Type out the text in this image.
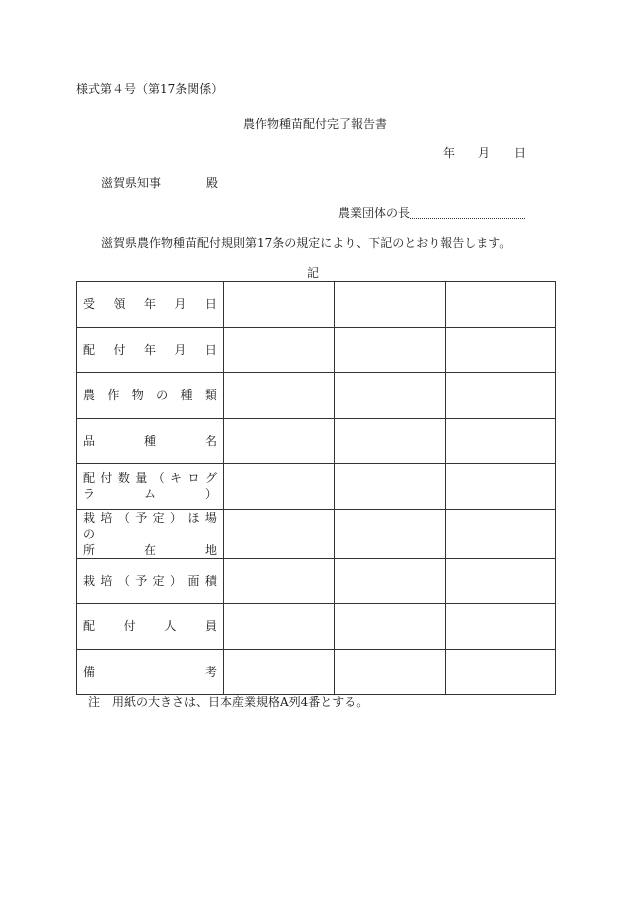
様式第４号（第17条関係）
農作物種苗配付完了報告書
年 月 日
滋賀県知事	殿
農業団体の長
滋賀県農作物種苗配付規則第17条の規定により、下記のとおり報告します。
記
受 領 年 月 日			

配 付 年 月 日			

農 作 物 の 種 類			

品 種 名			

配 付 数 量 （ キ ロ グ ラ ム ）			

栽 培 （ 予 定 ） ほ 場 の
所 在 地			

栽 培 （ 予 定 ） 面 積			

配 付 人 員			

備 考			

注　用紙の大きさは、日本産業規格A列4番とする。
